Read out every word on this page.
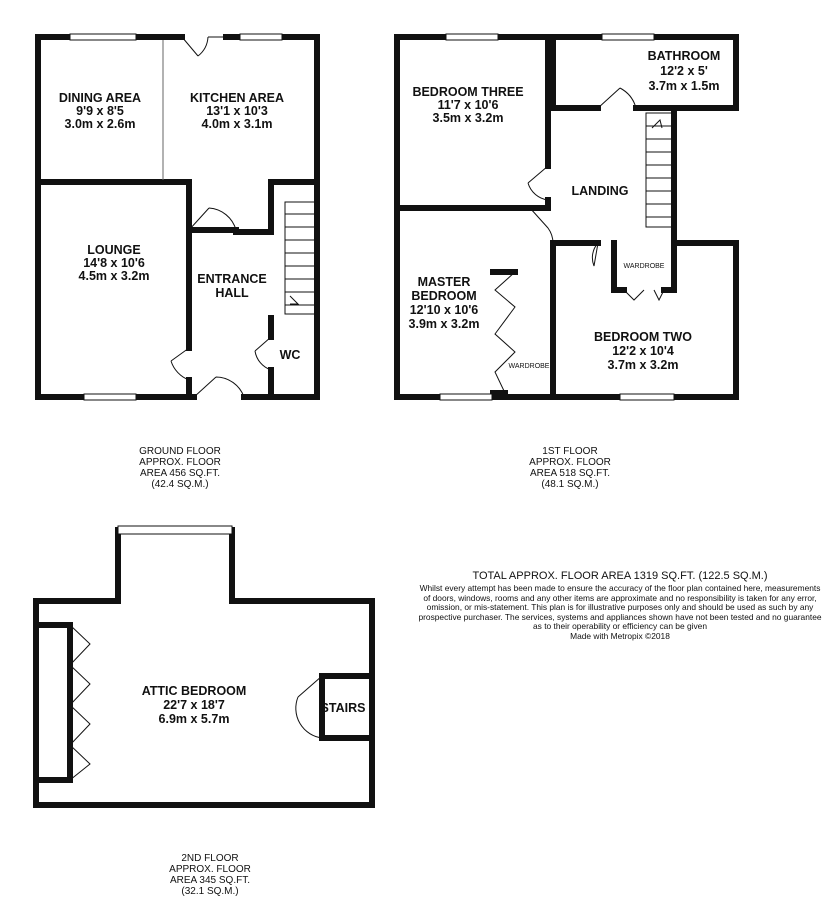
DINING AREA
9'9 x 8'5
3.0m x 2.6m
KITCHEN AREA
13'1 x 10'3
4.0m x 3.1m
LOUNGE
14'8 x 10'6
4.5m x 3.2m	ENTRANCE
HALL
WC
BEDROOM THREE
11'7 x 10'6
3.5m x 3.2m
BATHROOM
12'2 x 5'
3.7m x 1.5m
LANDING
MASTER
BEDROOM
12'10 x 10'6
3.9m x 3.2m
BEDROOM TWO
12'2 x 10'4
3.7m x 3.2m
ATTIC BEDROOM
22'7 x 18'7
6.9m x 5.7m
STAIRS
WARDROBE
WARDROBE
GROUND FLOOR
APPROX. FLOOR
AREA 456 SQ.FT.
(42.4 SQ.M.)
1ST FLOOR
APPROX. FLOOR
AREA 518 SQ.FT.
(48.1 SQ.M.)
2ND FLOOR
APPROX. FLOOR
AREA 345 SQ.FT.
(32.1 SQ.M.)
TOTAL APPROX. FLOOR AREA 1319 SQ.FT. (122.5 SQ.M.)
Whilst every attempt has been made to ensure the accuracy of the floor plan contained here, measurements
of doors, windows, rooms and any other items are approximate and no responsibility is taken for any error,
omission, or mis-statement. This plan is for illustrative purposes only and should be used as such by any
prospective purchaser. The services, systems and appliances shown have not been tested and no guarantee
as to their operability or efficiency can be given
Made with Metropix ©2018
